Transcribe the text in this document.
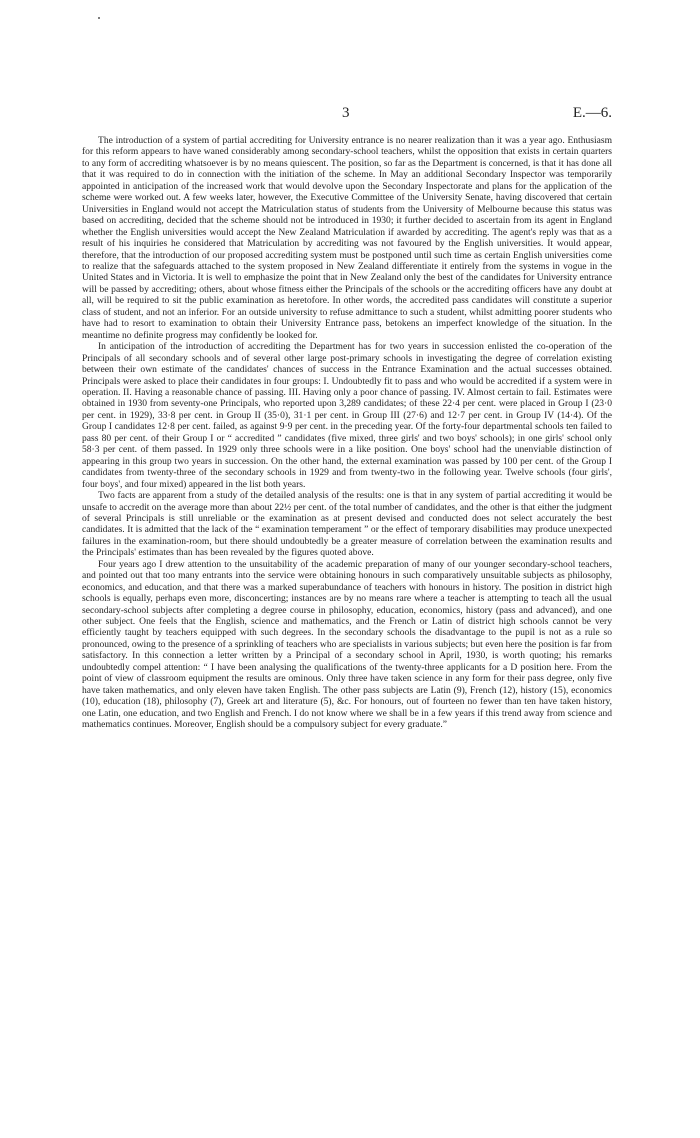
3	E.—6.

The introduction of a system of partial accrediting for University entrance is no nearer realization than it was a year ago. Enthusiasm for this reform appears to have waned considerably among secondary-school teachers, whilst the opposition that exists in certain quarters to any form of accrediting whatsoever is by no means quiescent. The position, so far as the Department is concerned, is that it has done all that it was required to do in connection with the initiation of the scheme. In May an additional Secondary Inspector was temporarily appointed in anticipation of the increased work that would devolve upon the Secondary Inspectorate and plans for the application of the scheme were worked out. A few weeks later, however, the Executive Committee of the University Senate, having discovered that certain Universities in England would not accept the Matriculation status of students from the University of Melbourne because this status was based on accrediting, decided that the scheme should not be introduced in 1930; it further decided to ascertain from its agent in England whether the English universities would accept the New Zealand Matriculation if awarded by accrediting. The agent's reply was that as a result of his inquiries he considered that Matriculation by accrediting was not favoured by the English universities. It would appear, therefore, that the introduction of our proposed accrediting system must be postponed until such time as certain English universities come to realize that the safeguards attached to the system proposed in New Zealand differentiate it entirely from the systems in vogue in the United States and in Victoria. It is well to emphasize the point that in New Zealand only the best of the candidates for University entrance will be passed by accrediting; others, about whose fitness either the Principals of the schools or the accrediting officers have any doubt at all, will be required to sit the public examination as heretofore. In other words, the accredited pass candidates will constitute a superior class of student, and not an inferior. For an outside university to refuse admittance to such a student, whilst admitting poorer students who have had to resort to examination to obtain their University Entrance pass, betokens an imperfect knowledge of the situation. In the meantime no definite progress may confidently be looked for.

In anticipation of the introduction of accrediting the Department has for two years in succession enlisted the co-operation of the Principals of all secondary schools and of several other large post-primary schools in investigating the degree of correlation existing between their own estimate of the candidates' chances of success in the Entrance Examination and the actual successes obtained. Principals were asked to place their candidates in four groups: I. Undoubtedly fit to pass and who would be accredited if a system were in operation. II. Having a reasonable chance of passing. III. Having only a poor chance of passing. IV. Almost certain to fail. Estimates were obtained in 1930 from seventy-one Principals, who reported upon 3,289 candidates; of these 22·4 per cent. were placed in Group I (23·0 per cent. in 1929), 33·8 per cent. in Group II (35·0), 31·1 per cent. in Group III (27·6) and 12·7 per cent. in Group IV (14·4). Of the Group I candidates 12·8 per cent. failed, as against 9·9 per cent. in the preceding year. Of the forty-four departmental schools ten failed to pass 80 per cent. of their Group I or “ accredited ” candidates (five mixed, three girls' and two boys' schools); in one girls' school only 58·3 per cent. of them passed. In 1929 only three schools were in a like position. One boys' school had the unenviable distinction of appearing in this group two years in succession. On the other hand, the external examination was passed by 100 per cent. of the Group I candidates from twenty-three of the secondary schools in 1929 and from twenty-two in the following year. Twelve schools (four girls', four boys', and four mixed) appeared in the list both years.

Two facts are apparent from a study of the detailed analysis of the results: one is that in any system of partial accrediting it would be unsafe to accredit on the average more than about 22½ per cent. of the total number of candidates, and the other is that either the judgment of several Principals is still unreliable or the examination as at present devised and conducted does not select accurately the best candidates. It is admitted that the lack of the “ examination temperament ” or the effect of temporary disabilities may produce unexpected failures in the examination-room, but there should undoubtedly be a greater measure of correlation between the examination results and the Principals' estimates than has been revealed by the figures quoted above.

Four years ago I drew attention to the unsuitability of the academic preparation of many of our younger secondary-school teachers, and pointed out that too many entrants into the service were obtaining honours in such comparatively unsuitable subjects as philosophy, economics, and education, and that there was a marked superabundance of teachers with honours in history. The position in district high schools is equally, perhaps even more, disconcerting; instances are by no means rare where a teacher is attempting to teach all the usual secondary-school subjects after completing a degree course in philosophy, education, economics, history (pass and advanced), and one other subject. One feels that the English, science and mathematics, and the French or Latin of district high schools cannot be very efficiently taught by teachers equipped with such degrees. In the secondary schools the disadvantage to the pupil is not as a rule so pronounced, owing to the presence of a sprinkling of teachers who are specialists in various subjects; but even here the position is far from satisfactory. In this connection a letter written by a Principal of a secondary school in April, 1930, is worth quoting; his remarks undoubtedly compel attention: “ I have been analysing the qualifications of the twenty-three applicants for a D position here. From the point of view of classroom equipment the results are ominous. Only three have taken science in any form for their pass degree, only five have taken mathematics, and only eleven have taken English. The other pass subjects are Latin (9), French (12), history (15), economics (10), education (18), philosophy (7), Greek art and literature (5), &c. For honours, out of fourteen no fewer than ten have taken history, one Latin, one education, and two English and French. I do not know where we shall be in a few years if this trend away from science and mathematics continues. Moreover, English should be a compulsory subject for every graduate.”
